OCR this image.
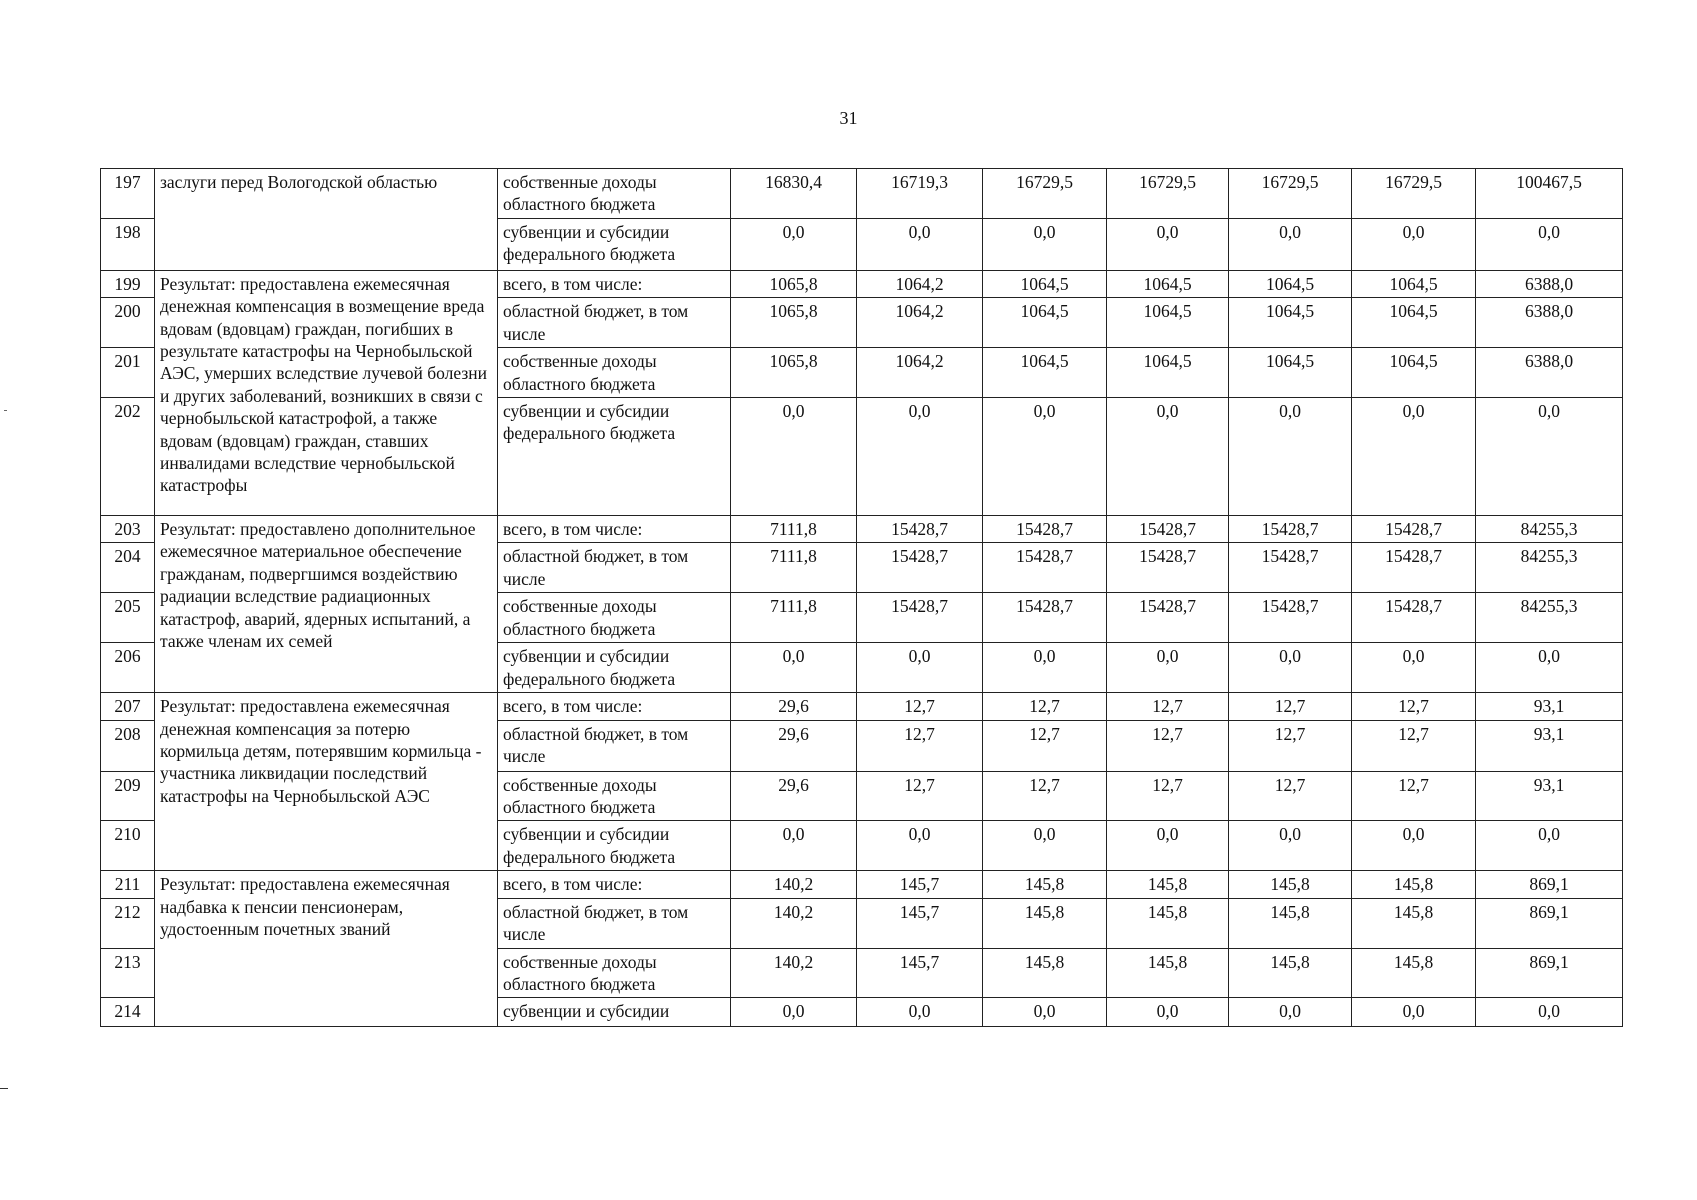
31
197	заслуги перед Вологодской областью	собственные доходы областного бюджета	16830,4	16719,3	16729,5	16729,5	16729,5	16729,5	100467,5
198		субвенции и субсидии федерального бюджета	0,0	0,0	0,0	0,0	0,0	0,0	0,0
199	Результат: предоставлена ежемесячная денежная компенсация в возмещение вреда вдовам (вдовцам) граждан, погибших в результате катастрофы на Чернобыльской АЭС, умерших вследствие лучевой болезни и других заболеваний, возникших в связи с чернобыльской катастрофой, а также вдовам (вдовцам) граждан, ставших инвалидами вследствие чернобыльской катастрофы	всего, в том числе:	1065,8	1064,2	1064,5	1064,5	1064,5	1064,5	6388,0
200		областной бюджет, в том числе	1065,8	1064,2	1064,5	1064,5	1064,5	1064,5	6388,0
201		собственные доходы областного бюджета	1065,8	1064,2	1064,5	1064,5	1064,5	1064,5	6388,0
202		субвенции и субсидии федерального бюджета	0,0	0,0	0,0	0,0	0,0	0,0	0,0
203	Результат: предоставлено дополнительное ежемесячное материальное обеспечение гражданам, подвергшимся воздействию радиации вследствие радиационных катастроф, аварий, ядерных испытаний, а также членам их семей	всего, в том числе:	7111,8	15428,7	15428,7	15428,7	15428,7	15428,7	84255,3
204		областной бюджет, в том числе	7111,8	15428,7	15428,7	15428,7	15428,7	15428,7	84255,3
205		собственные доходы областного бюджета	7111,8	15428,7	15428,7	15428,7	15428,7	15428,7	84255,3
206		субвенции и субсидии федерального бюджета	0,0	0,0	0,0	0,0	0,0	0,0	0,0
207	Результат: предоставлена ежемесячная денежная компенсация за потерю кормильца детям, потерявшим кормильца - участника ликвидации последствий катастрофы на Чернобыльской АЭС	всего, в том числе:	29,6	12,7	12,7	12,7	12,7	12,7	93,1
208		областной бюджет, в том числе	29,6	12,7	12,7	12,7	12,7	12,7	93,1
209		собственные доходы областного бюджета	29,6	12,7	12,7	12,7	12,7	12,7	93,1
210		субвенции и субсидии федерального бюджета	0,0	0,0	0,0	0,0	0,0	0,0	0,0
211	Результат: предоставлена ежемесячная надбавка к пенсии пенсионерам, удостоенным почетных званий	всего, в том числе:	140,2	145,7	145,8	145,8	145,8	145,8	869,1
212		областной бюджет, в том числе	140,2	145,7	145,8	145,8	145,8	145,8	869,1
213		собственные доходы областного бюджета	140,2	145,7	145,8	145,8	145,8	145,8	869,1
214		субвенции и субсидии	0,0	0,0	0,0	0,0	0,0	0,0	0,0
